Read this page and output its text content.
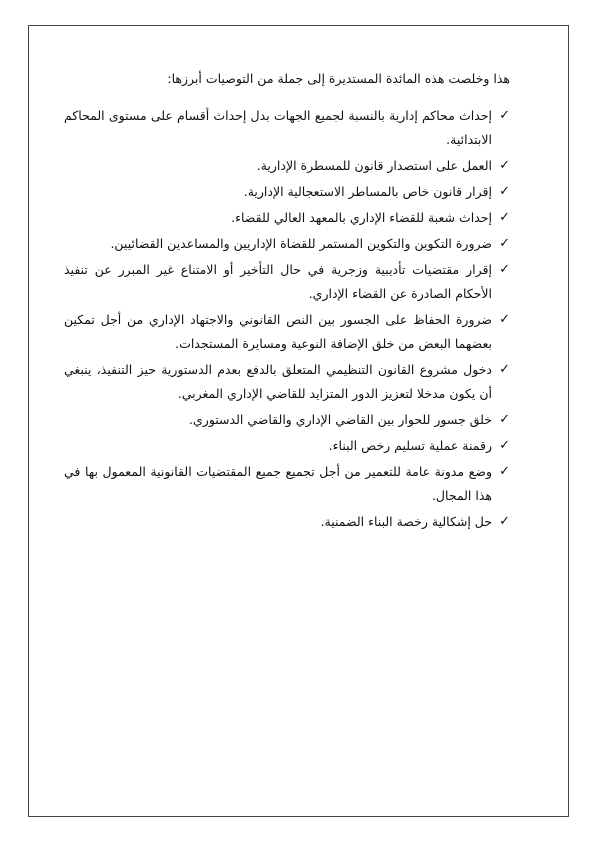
هذا وخلصت هذه المائدة المستديرة إلى جملة من التوصيات أبرزها:

✓
إحداث محاكم إدارية بالنسبة لجميع الجهات بدل إحداث أقسام على مستوى المحاكم الابتدائية.
✓
العمل على استصدار قانون للمسطرة الإدارية.
✓
إقرار قانون خاص بالمساطر الاستعجالية الإدارية.
✓
إحداث شعبة للقضاء الإداري بالمعهد العالي للقضاء.
✓
ضرورة التكوين والتكوين المستمر للقضاة الإداريين والمساعدين القضائيين.
✓
إقرار مقتضيات تأديبية وزجرية في حال التأخير أو الامتناع غير المبرر عن تنفيذ الأحكام الصادرة عن القضاء الإداري.
✓
ضرورة الحفاظ على الجسور بين النص القانوني والاجتهاد الإداري من أجل تمكين بعضهما البعض من خلق الإضافة النوعية ومسايرة المستجدات.
✓
دخول مشروع القانون التنظيمي المتعلق بالدفع بعدم الدستورية حيز التنفيذ، ينبغي أن يكون مدخلا لتعزيز الدور المتزايد للقاضي الإداري المغربي.
✓
خلق جسور للحوار بين القاضي الإداري والقاضي الدستوري.
✓
رقمنة عملية تسليم رخص البناء.
✓
وضع مدونة عامة للتعمير من أجل تجميع جميع المقتضيات القانونية المعمول بها في هذا المجال.
✓
حل إشكالية رخصة البناء الضمنية.
